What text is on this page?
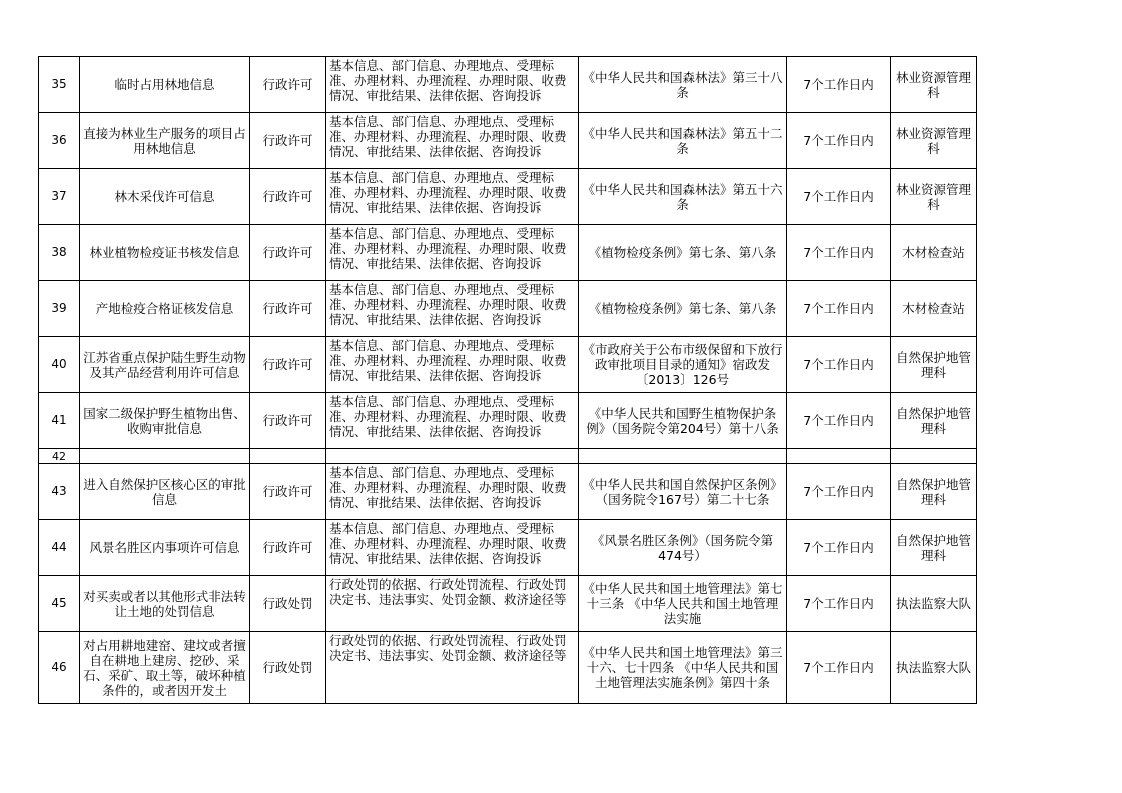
35	临时占用林地信息	行政许可	基本信息、部门信息、办理地点、受理标准、办理材料、办理流程、办理时限、收费情况、审批结果、法律依据、咨询投诉	《中华人民共和国森林法》第三十八条	7个工作日内	林业资源管理科

36	直接为林业生产服务的项目占用林地信息	行政许可	基本信息、部门信息、办理地点、受理标准、办理材料、办理流程、办理时限、收费情况、审批结果、法律依据、咨询投诉	《中华人民共和国森林法》第五十二条	7个工作日内	林业资源管理科

37	林木采伐许可信息	行政许可	基本信息、部门信息、办理地点、受理标准、办理材料、办理流程、办理时限、收费情况、审批结果、法律依据、咨询投诉	《中华人民共和国森林法》第五十六条	7个工作日内	林业资源管理科

38	林业植物检疫证书核发信息	行政许可	基本信息、部门信息、办理地点、受理标准、办理材料、办理流程、办理时限、收费情况、审批结果、法律依据、咨询投诉	《植物检疫条例》第七条、第八条	7个工作日内	木材检查站

39	产地检疫合格证核发信息	行政许可	基本信息、部门信息、办理地点、受理标准、办理材料、办理流程、办理时限、收费情况、审批结果、法律依据、咨询投诉	《植物检疫条例》第七条、第八条	7个工作日内	木材检查站

40	江苏省重点保护陆生野生动物及其产品经营利用许可信息	行政许可	基本信息、部门信息、办理地点、受理标准、办理材料、办理流程、办理时限、收费情况、审批结果、法律依据、咨询投诉	《市政府关于公布市级保留和下放行政审批项目目录的通知》宿政发〔2013〕126号	7个工作日内	自然保护地管理科

41	国家二级保护野生植物出售、收购审批信息	行政许可	基本信息、部门信息、办理地点、受理标准、办理材料、办理流程、办理时限、收费情况、审批结果、法律依据、咨询投诉	《中华人民共和国野生植物保护条例》（国务院令第204号）第十八条	7个工作日内	自然保护地管理科

42						

43	进入自然保护区核心区的审批信息	行政许可	基本信息、部门信息、办理地点、受理标准、办理材料、办理流程、办理时限、收费情况、审批结果、法律依据、咨询投诉	《中华人民共和国自然保护区条例》（国务院令167号）第二十七条	7个工作日内	自然保护地管理科

44	风景名胜区内事项许可信息	行政许可	基本信息、部门信息、办理地点、受理标准、办理材料、办理流程、办理时限、收费情况、审批结果、法律依据、咨询投诉	《风景名胜区条例》（国务院令第474号）	7个工作日内	自然保护地管理科

45	对买卖或者以其他形式非法转让土地的处罚信息	行政处罚	行政处罚的依据、行政处罚流程、行政处罚决定书、违法事实、处罚金额、救济途径等	《中华人民共和国土地管理法》第七十三条 《中华人民共和国土地管理法实施	7个工作日内	执法监察大队

46	对占用耕地建窑、建坟或者擅自在耕地上建房、挖砂、采石、采矿、取土等，破坏种植条件的，或者因开发土	行政处罚	行政处罚的依据、行政处罚流程、行政处罚决定书、违法事实、处罚金额、救济途径等	《中华人民共和国土地管理法》第三十六、七十四条 《中华人民共和国土地管理法实施条例》第四十条	7个工作日内	执法监察大队
